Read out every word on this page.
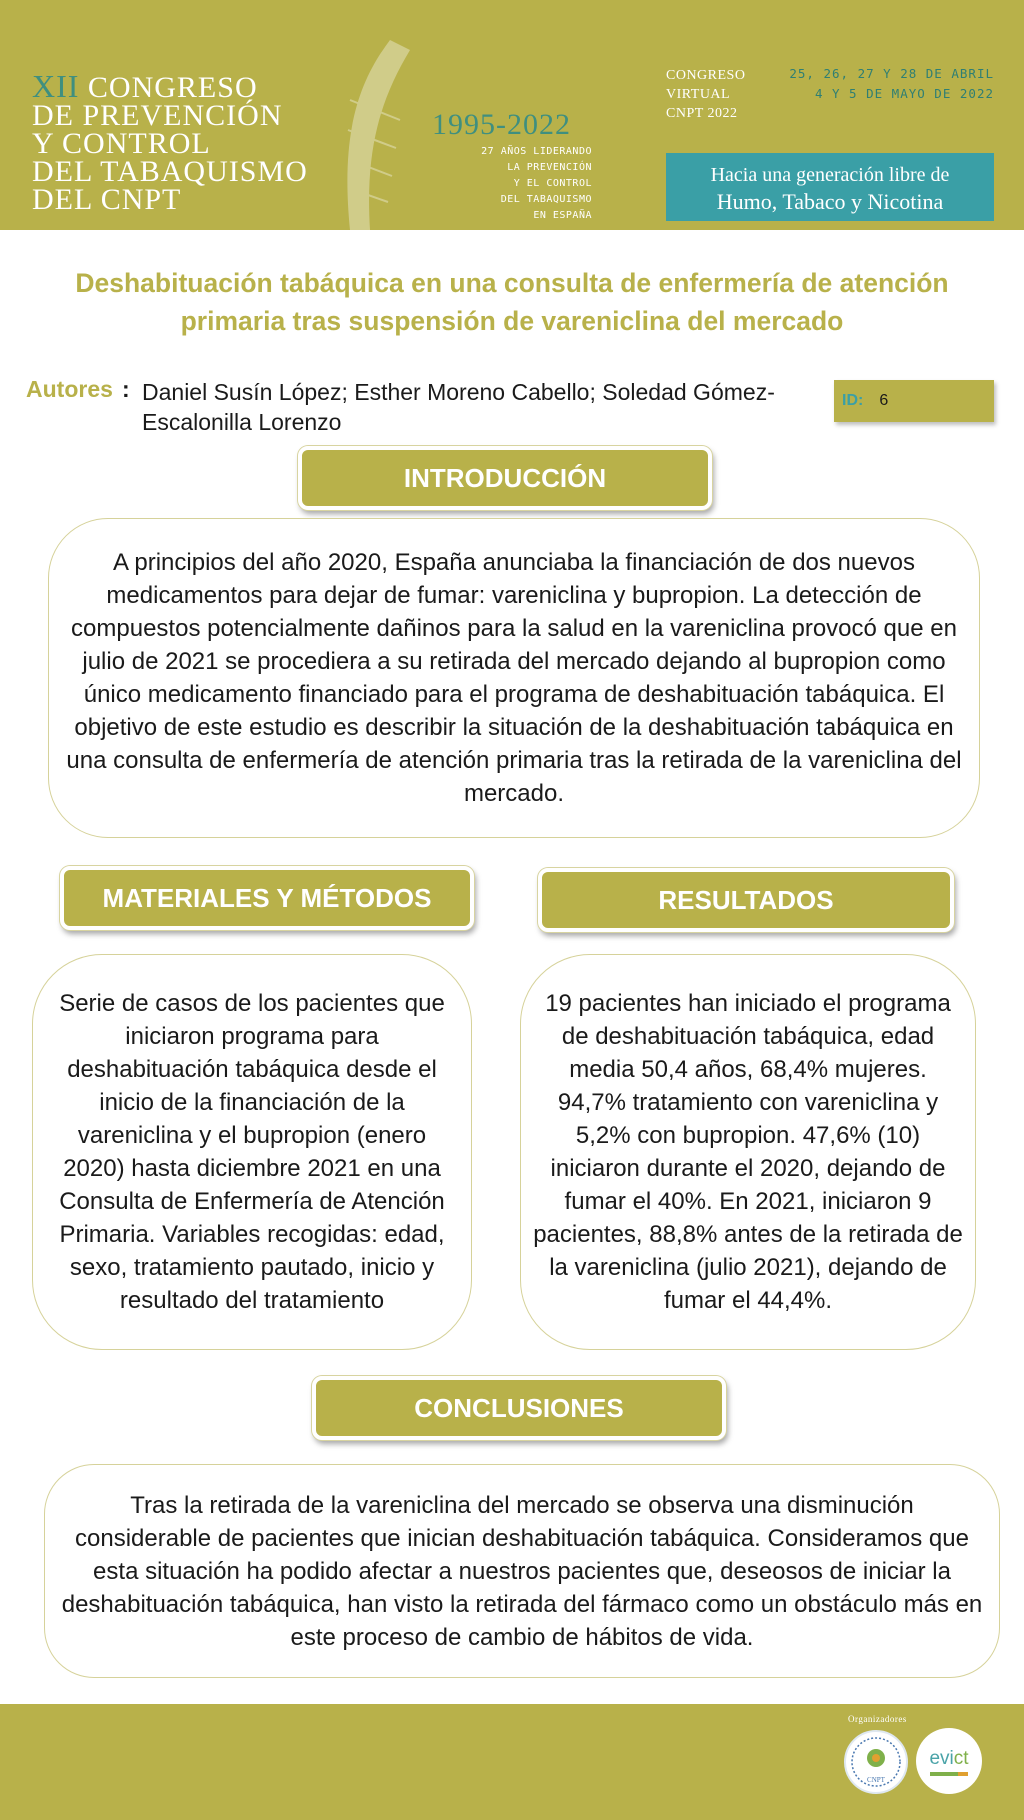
XII CONGRESO
DE PREVENCIÓN
Y CONTROL
DEL TABAQUISMO
DEL CNPT
1995-2022
27 AÑOS LIDERANDO
LA PREVENCIÓN
Y EL CONTROL
DEL TABAQUISMO
EN ESPAÑA
CONGRESO
VIRTUAL
CNPT 2022
25, 26, 27 Y 28 DE ABRIL
4 Y 5 DE MAYO DE 2022
Hacia una generación libre de
Humo, Tabaco y Nicotina
Deshabituación tabáquica en una consulta de enfermería de atención primaria tras suspensión de vareniclina del mercado
Autores : Daniel Susín López; Esther Moreno Cabello; Soledad Gómez-Escalonilla Lorenzo
ID: 6
INTRODUCCIÓN

A principios del año 2020, España anunciaba la financiación de dos nuevos medicamentos para dejar de fumar: vareniclina y bupropion. La detección de compuestos potencialmente dañinos para la salud en la vareniclina provocó que en julio de 2021 se procediera a su retirada del mercado dejando al bupropion como único medicamento financiado para el programa de deshabituación tabáquica. El objetivo de este estudio es describir la situación de la deshabituación tabáquica en una consulta de enfermería de atención primaria tras la retirada de la vareniclina del mercado.

MATERIALES Y MÉTODOS

Serie de casos de los pacientes que iniciaron programa para deshabituación tabáquica desde el inicio de la financiación de la vareniclina y el bupropion (enero 2020) hasta diciembre 2021 en una Consulta de Enfermería de Atención Primaria. Variables recogidas: edad, sexo, tratamiento pautado, inicio y resultado del tratamiento

RESULTADOS

19 pacientes han iniciado el programa de deshabituación tabáquica, edad media 50,4 años, 68,4% mujeres. 94,7% tratamiento con vareniclina y 5,2% con bupropion. 47,6% (10) iniciaron durante el 2020, dejando de fumar el 40%. En 2021, iniciaron 9 pacientes, 88,8% antes de la retirada de la vareniclina (julio 2021), dejando de fumar el 44,4%.

CONCLUSIONES

Tras la retirada de la vareniclina del mercado se observa una disminución considerable de pacientes que inician deshabituación tabáquica. Consideramos que esta situación ha podido afectar a nuestros pacientes que, deseosos de iniciar la deshabituación tabáquica, han visto la retirada del fármaco como un obstáculo más en este proceso de cambio de hábitos de vida.

Organizadores
CNPT
evict
